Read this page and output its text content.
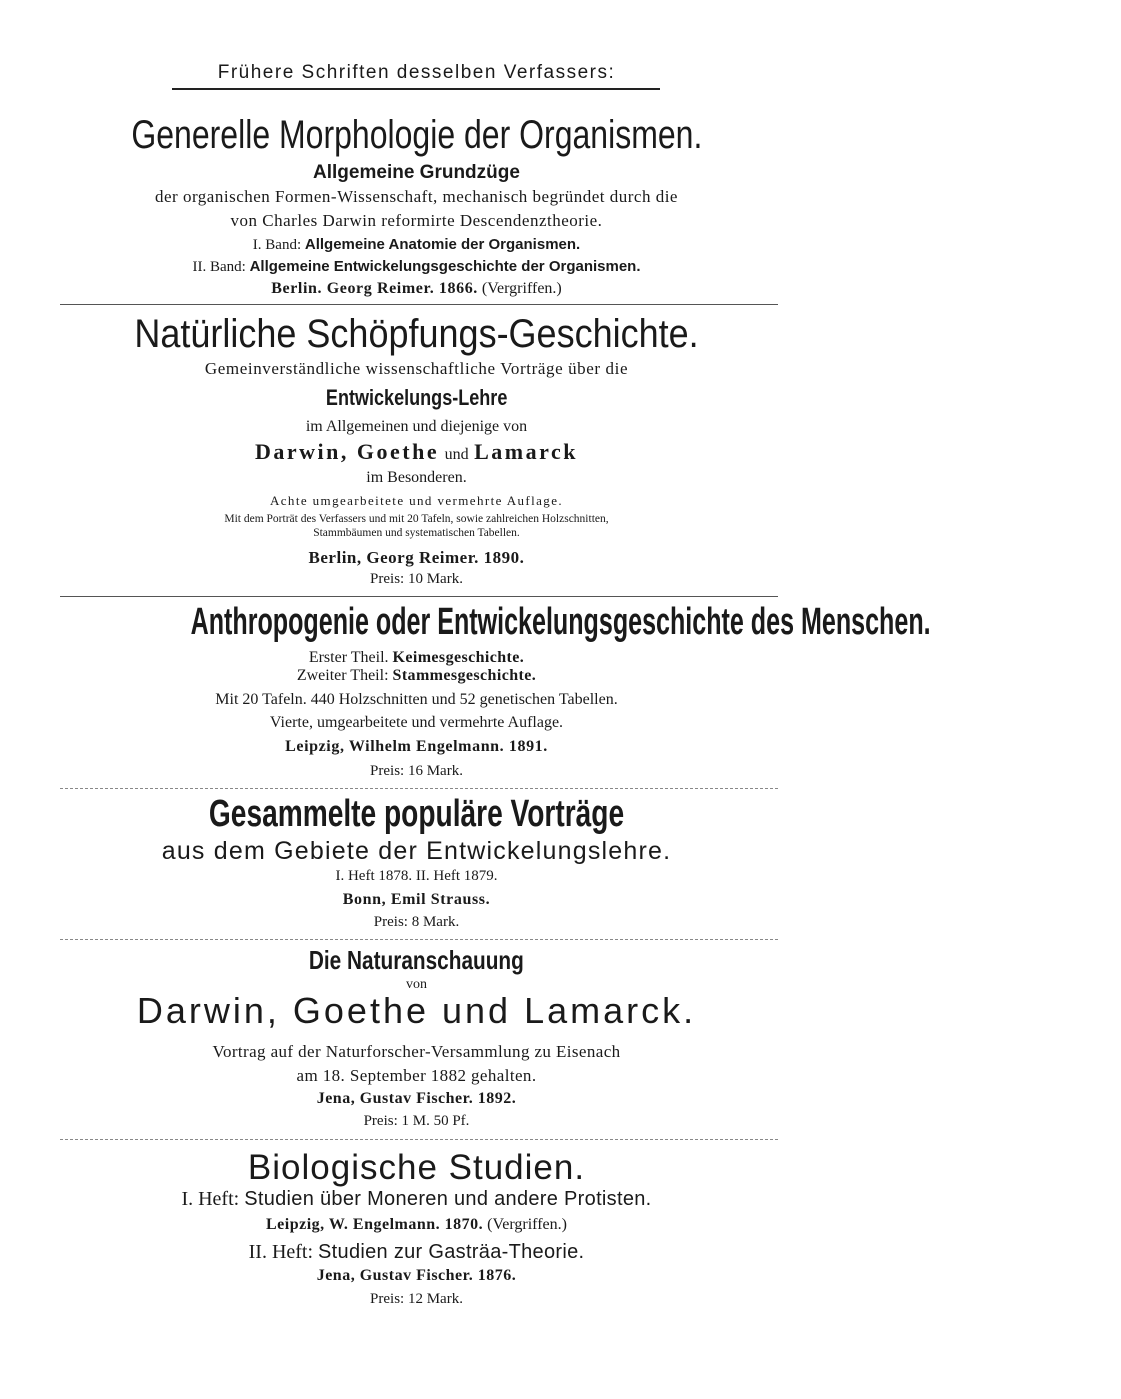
Frühere Schriften desselben Verfassers:
Generelle Morphologie der Organismen.
Allgemeine Grundzüge
der organischen Formen-Wissenschaft, mechanisch begründet durch die
von Charles Darwin reformirte Descendenztheorie.
I. Band: Allgemeine Anatomie der Organismen.
II. Band: Allgemeine Entwickelungsgeschichte der Organismen.
Berlin. Georg Reimer. 1866. (Vergriffen.)
Natürliche Schöpfungs-Geschichte.
Gemeinverständliche wissenschaftliche Vorträge über die
Entwickelungs-Lehre
im Allgemeinen und diejenige von
Darwin, Goethe und Lamarck
im Besonderen.
Achte umgearbeitete und vermehrte Auflage.
Mit dem Porträt des Verfassers und mit 20 Tafeln, sowie zahlreichen Holzschnitten,
Stammbäumen und systematischen Tabellen.
Berlin, Georg Reimer. 1890.
Preis: 10 Mark.
Anthropogenie oder Entwickelungsgeschichte des Menschen.
Erster Theil. Keimesgeschichte.
Zweiter Theil: Stammesgeschichte.
Mit 20 Tafeln. 440 Holzschnitten und 52 genetischen Tabellen.
Vierte, umgearbeitete und vermehrte Auflage.
Leipzig, Wilhelm Engelmann. 1891.
Preis: 16 Mark.
Gesammelte populäre Vorträge
aus dem Gebiete der Entwickelungslehre.
I. Heft 1878. II. Heft 1879.
Bonn, Emil Strauss.
Preis: 8 Mark.
Die Naturanschauung
von
Darwin, Goethe und Lamarck.
Vortrag auf der Naturforscher-Versammlung zu Eisenach
am 18. September 1882 gehalten.
Jena, Gustav Fischer. 1892.
Preis: 1 M. 50 Pf.
Biologische Studien.
I. Heft: Studien über Moneren und andere Protisten.
Leipzig, W. Engelmann. 1870. (Vergriffen.)
II. Heft: Studien zur Gasträa-Theorie.
Jena, Gustav Fischer. 1876.
Preis: 12 Mark.
